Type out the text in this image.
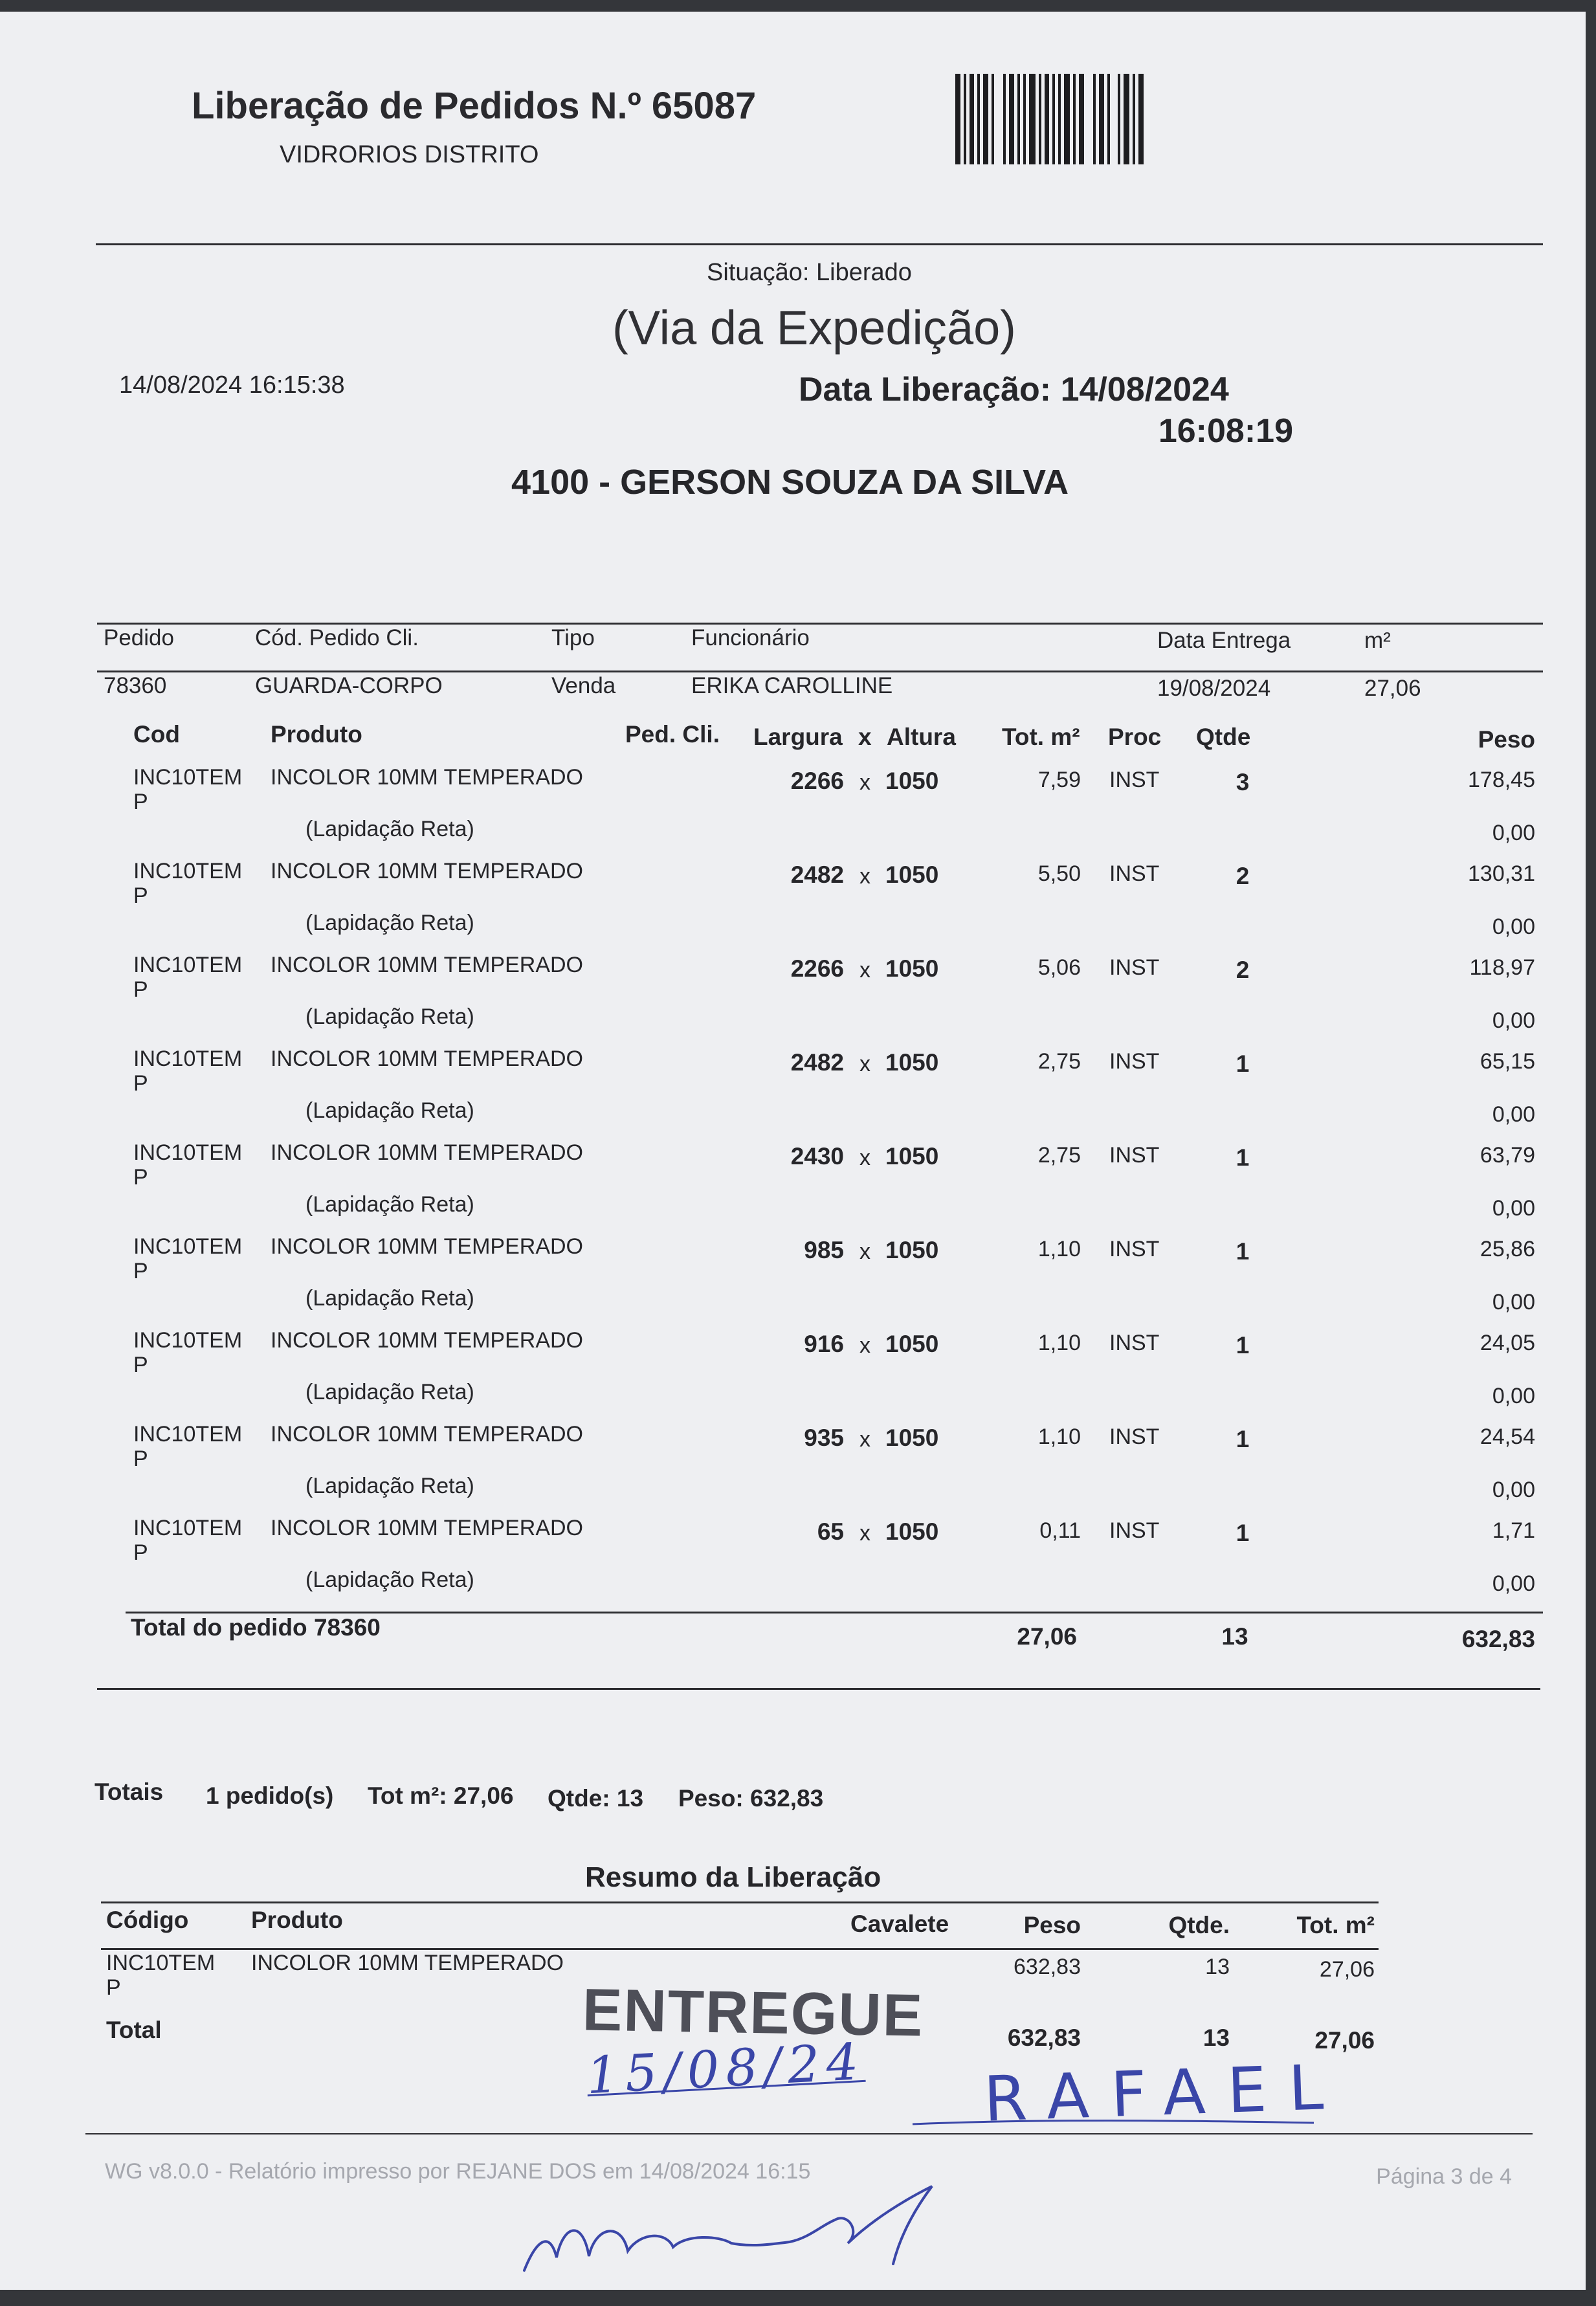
Liberação de Pedidos N.º 65087
VIDRORIOS DISTRITO
Situação: Liberado
(Via da Expedição)
14/08/2024 16:15:38	Data Liberação: 14/08/2024
16:08:19
4100 - GERSON SOUZA DA SILVA
Pedido	Cód. Pedido Cli.	Tipo	Funcionário	Data Entrega	m²
78360	GUARDA-CORPO	Venda	ERIKA CAROLLINE	19/08/2024	27,06
Cod	Produto	Ped. Cli. Largura x Altura Tot. m² Proc Qtde	Peso
INC10TEM
P
INCOLOR 10MM TEMPERADO	2266 x 1050	7,59 INST	3	178,45
(Lapidação Reta)	0,00
INC10TEM
P
INCOLOR 10MM TEMPERADO	2482 x 1050	5,50 INST	2	130,31
(Lapidação Reta)	0,00
INC10TEM
P
INCOLOR 10MM TEMPERADO	2266 x 1050	5,06 INST	2	118,97
(Lapidação Reta)	0,00
INC10TEM
P
INCOLOR 10MM TEMPERADO	2482 x 1050	2,75 INST	1	65,15
(Lapidação Reta)	0,00
INC10TEM
P
INCOLOR 10MM TEMPERADO	2430 x 1050	2,75 INST	1	63,79
(Lapidação Reta)	0,00
INC10TEM
P
INCOLOR 10MM TEMPERADO	985 x 1050	1,10 INST	1	25,86
(Lapidação Reta)	0,00
INC10TEM
P
INCOLOR 10MM TEMPERADO	916 x 1050	1,10 INST	1	24,05
(Lapidação Reta)	0,00
INC10TEM
P
INCOLOR 10MM TEMPERADO	935 x 1050	1,10 INST	1	24,54
(Lapidação Reta)	0,00
INC10TEM
P
INCOLOR 10MM TEMPERADO	65 x 1050	0,11 INST	1	1,71
(Lapidação Reta)	0,00
Total do pedido 78360	27,06	13	632,83
Totais 1 pedido(s) Tot m²: 27,06 Qtde: 13 Peso: 632,83
Resumo da Liberação
Código	Produto	Cavalete	Peso	Qtde.	Tot. m²
INC10TEM
P
INCOLOR 10MM TEMPERADO	632,83	13	27,06
Total	632,83	13	27,06
ENTREGUE
15/08/24 RAFAEL
WG v8.0.0 - Relatório impresso por REJANE DOS em 14/08/2024 16:15	Página 3 de 4
